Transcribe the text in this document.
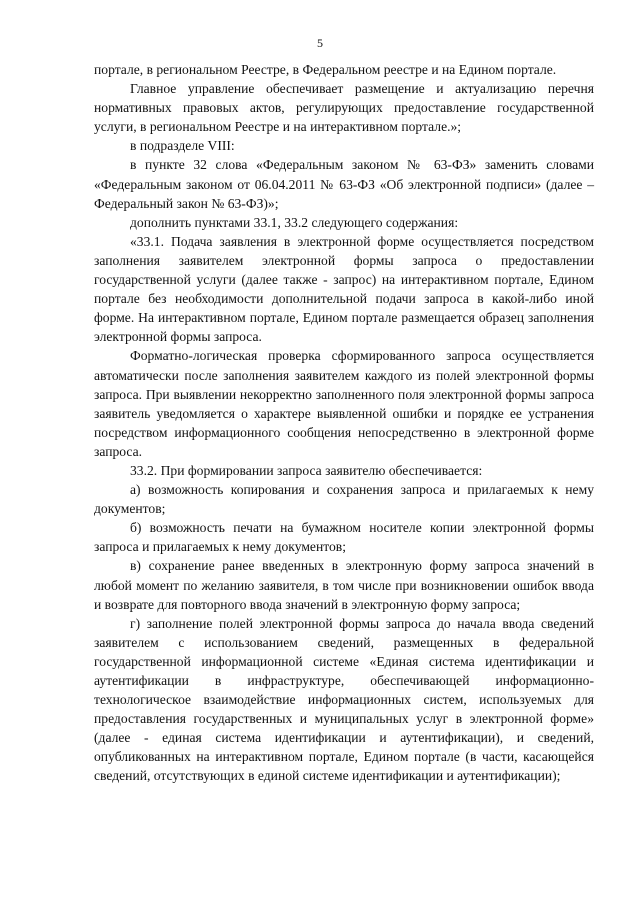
5

портале, в региональном Реестре, в Федеральном реестре и на Едином портале.

Главное управление обеспечивает размещение и актуализацию перечня нормативных правовых актов, регулирующих предоставление государственной услуги, в региональном Реестре и на интерактивном портале.»;

в подразделе VIII:

в пункте 32 слова «Федеральным законом № 63-ФЗ» заменить словами «Федеральным законом от 06.04.2011 № 63-ФЗ «Об электронной подписи» (далее – Федеральный закон № 63-ФЗ)»;

дополнить пунктами 33.1, 33.2 следующего содержания:

«33.1. Подача заявления в электронной форме осуществляется посредством заполнения заявителем электронной формы запроса о предоставлении государственной услуги (далее также - запрос) на интерактивном портале, Едином портале без необходимости дополнительной подачи запроса в какой-либо иной форме. На интерактивном портале, Едином портале размещается образец заполнения электронной формы запроса.

Форматно-логическая проверка сформированного запроса осуществляется автоматически после заполнения заявителем каждого из полей электронной формы запроса. При выявлении некорректно заполненного поля электронной формы запроса заявитель уведомляется о характере выявленной ошибки и порядке ее устранения посредством информационного сообщения непосредственно в электронной форме запроса.

33.2. При формировании запроса заявителю обеспечивается:

а) возможность копирования и сохранения запроса и прилагаемых к нему документов;

б) возможность печати на бумажном носителе копии электронной формы запроса и прилагаемых к нему документов;

в) сохранение ранее введенных в электронную форму запроса значений в любой момент по желанию заявителя, в том числе при возникновении ошибок ввода и возврате для повторного ввода значений в электронную форму запроса;

г) заполнение полей электронной формы запроса до начала ввода сведений заявителем с использованием сведений, размещенных в федеральной государственной информационной системе «Единая система идентификации и аутентификации в инфраструктуре, обеспечивающей информационно-технологическое взаимодействие информационных систем, используемых для предоставления государственных и муниципальных услуг в электронной форме» (далее - единая система идентификации и аутентификации), и сведений, опубликованных на интерактивном портале, Едином портале (в части, касающейся сведений, отсутствующих в единой системе идентификации и аутентификации);
